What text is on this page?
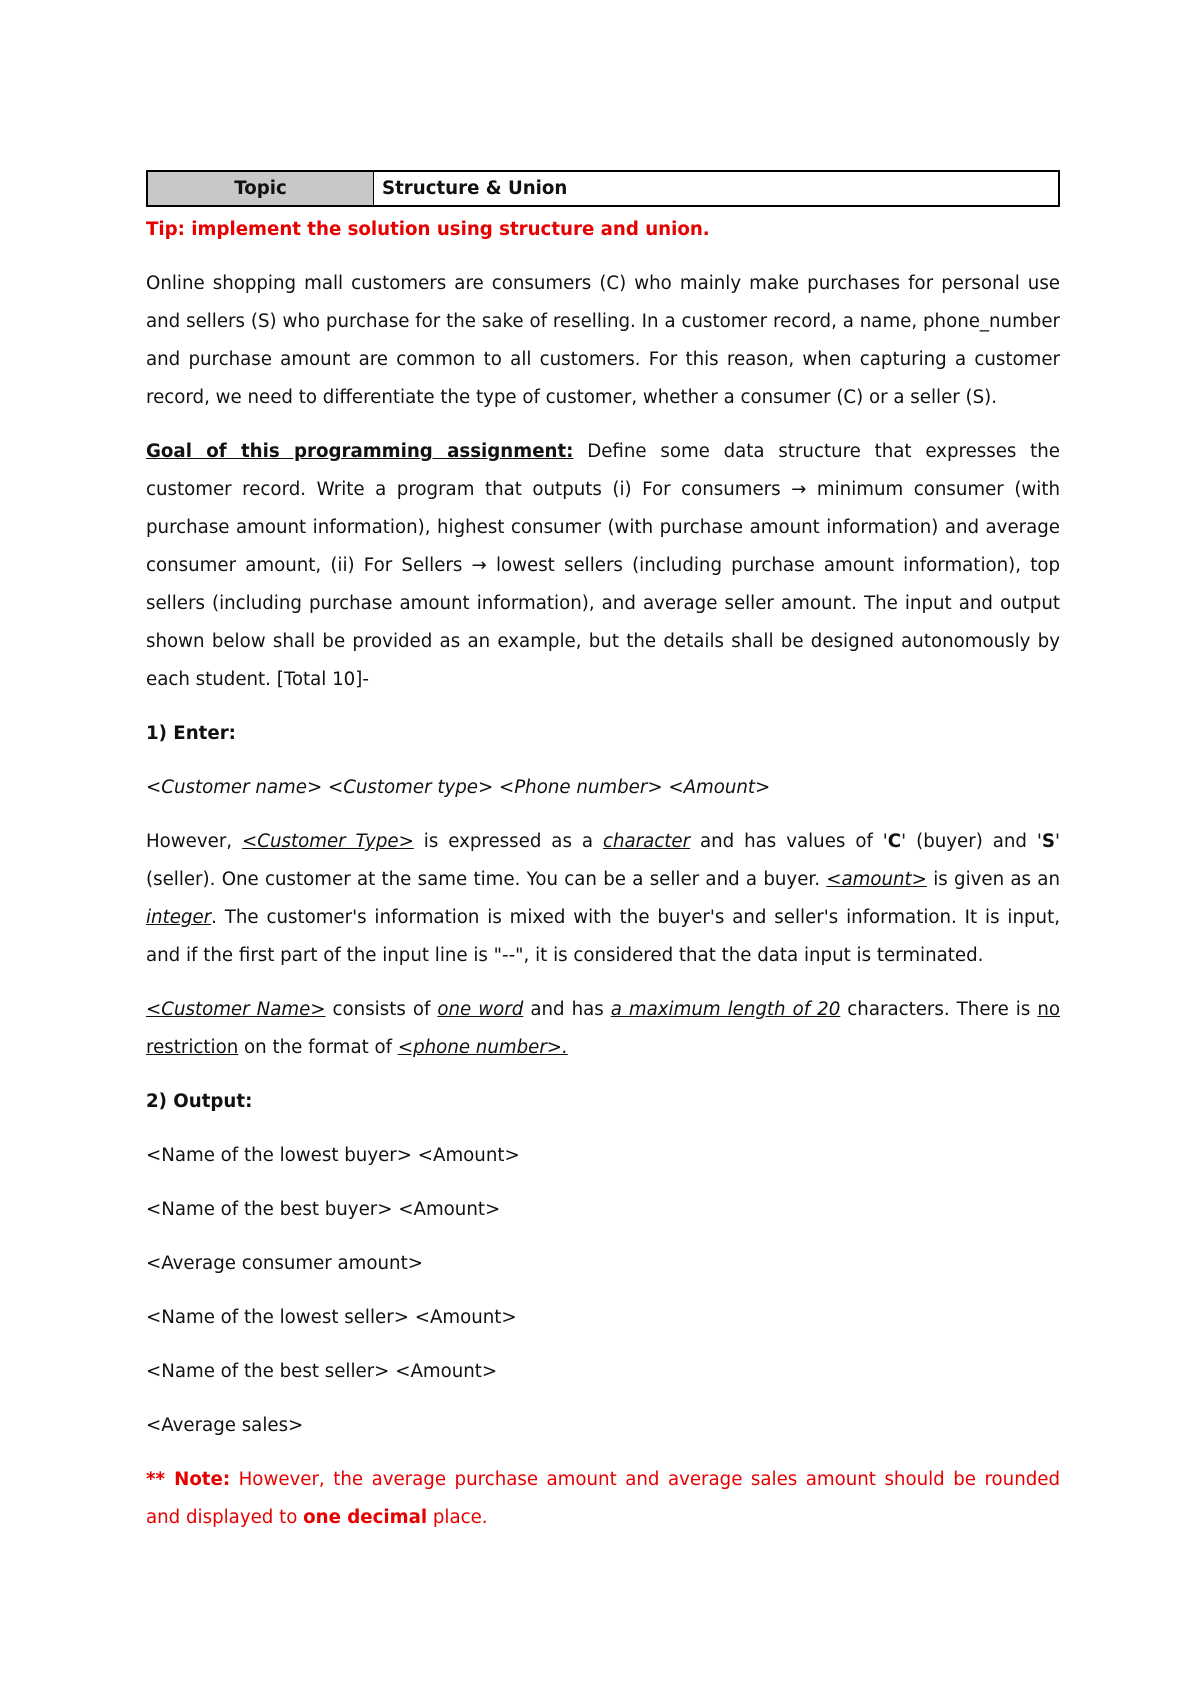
Topic	Structure & Union

Tip: implement the solution using structure and union.

Online shopping mall customers are consumers (C) who mainly make purchases for personal use and sellers (S) who purchase for the sake of reselling. In a customer record, a name, phone_number and purchase amount are common to all customers. For this reason, when capturing a customer record, we need to differentiate the type of customer, whether a consumer (C) or a seller (S).

Goal of this programming assignment: Define some data structure that expresses the customer record. Write a program that outputs (i) For consumers → minimum consumer (with purchase amount information), highest consumer (with purchase amount information) and average consumer amount, (ii) For Sellers → lowest sellers (including purchase amount information), top sellers (including purchase amount information), and average seller amount. The input and output shown below shall be provided as an example, but the details shall be designed autonomously by each student. [Total 10]-

1) Enter:

<Customer name> <Customer type> <Phone number> <Amount>

However, <Customer Type> is expressed as a character and has values of 'C' (buyer) and 'S' (seller). One customer at the same time. You can be a seller and a buyer. <amount> is given as an integer. The customer's information is mixed with the buyer's and seller's information. It is input, and if the first part of the input line is "--", it is considered that the data input is terminated.

<Customer Name> consists of one word and has a maximum length of 20 characters. There is no restriction on the format of <phone number>.

2) Output:

<Name of the lowest buyer> <Amount>

<Name of the best buyer> <Amount>

<Average consumer amount>

<Name of the lowest seller> <Amount>

<Name of the best seller> <Amount>

<Average sales>

** Note: However, the average purchase amount and average sales amount should be rounded and displayed to one decimal place.
